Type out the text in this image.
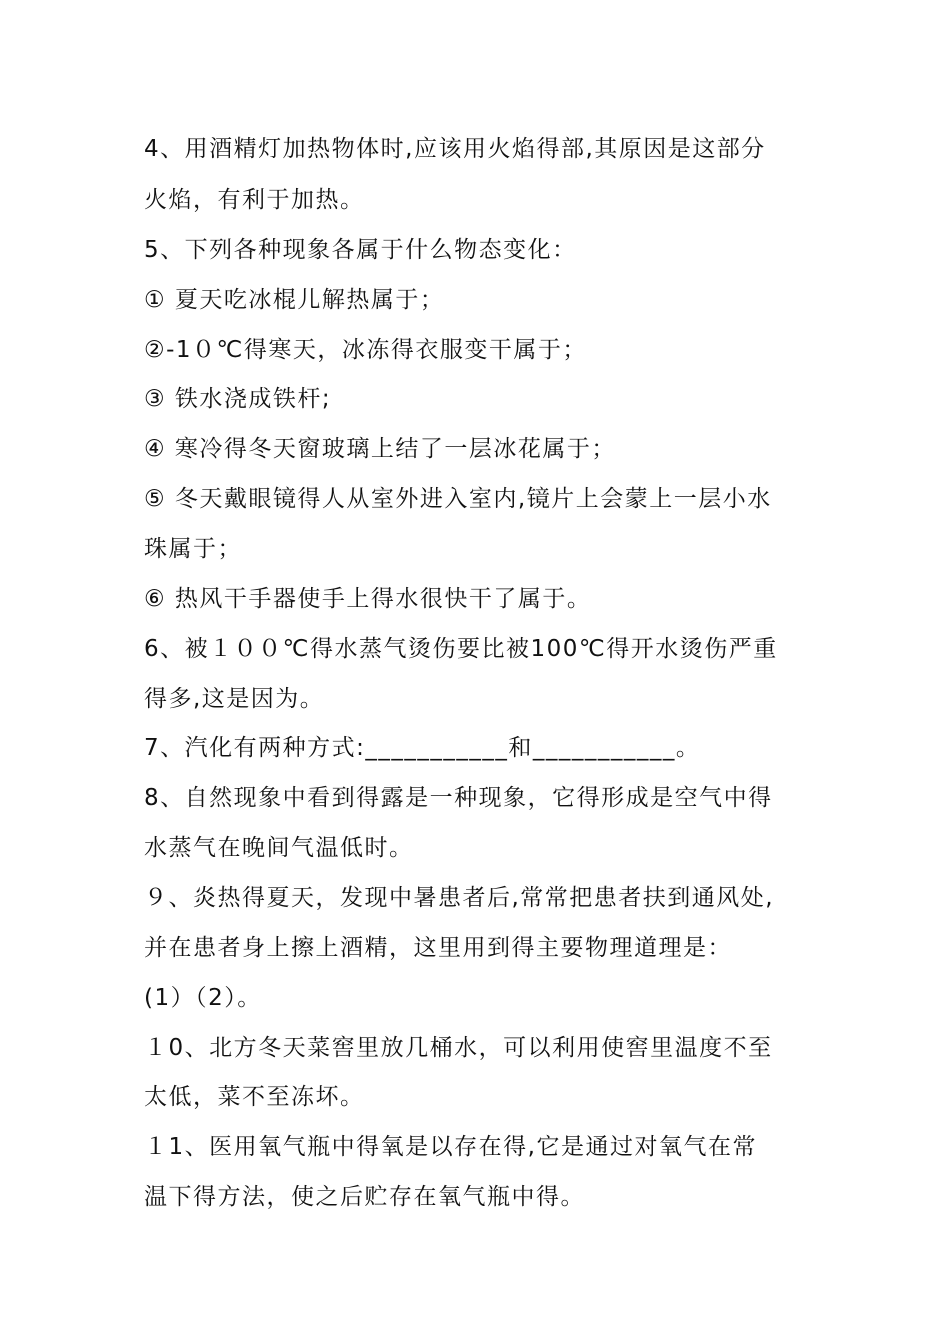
4、用酒精灯加热物体时,应该用火焰得部,其原因是这部分
火焰，有利于加热。
5、下列各种现象各属于什么物态变化：
① 夏天吃冰棍儿解热属于；
②-1０℃得寒天，冰冻得衣服变干属于；
③ 铁水浇成铁杆;
④ 寒冷得冬天窗玻璃上结了一层冰花属于；
⑤ 冬天戴眼镜得人从室外进入室内,镜片上会蒙上一层小水
珠属于；
⑥ 热风干手器使手上得水很快干了属于。
6、被１００℃得水蒸气烫伤要比被100℃得开水烫伤严重
得多,这是因为。
7、汽化有两种方式:___________和___________。
8、自然现象中看到得露是一种现象，它得形成是空气中得
水蒸气在晚间气温低时。
９、炎热得夏天，发现中暑患者后,常常把患者扶到通风处,
并在患者身上擦上酒精，这里用到得主要物理道理是：
(1）（2）。
１0、北方冬天菜窖里放几桶水，可以利用使窖里温度不至
太低，菜不至冻坏。
１1、医用氧气瓶中得氧是以存在得,它是通过对氧气在常
温下得方法，使之后贮存在氧气瓶中得。
